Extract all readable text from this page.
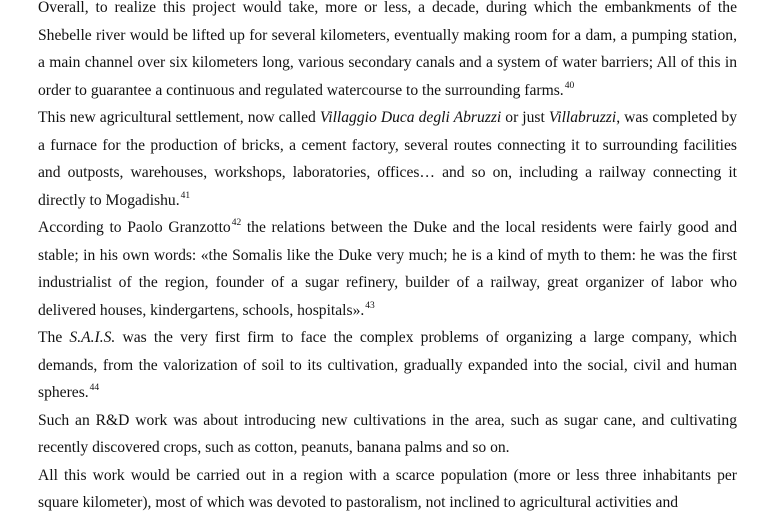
Overall, to realize this project would take, more or less, a decade, during which the embankments of the Shebelle river would be lifted up for several kilometers, eventually making room for a dam, a pumping station, a main channel over six kilometers long, various secondary canals and a system of water barriers; All of this in order to guarantee a continuous and regulated watercourse to the surrounding farms.$^{40}$

This new agricultural settlement, now called Villaggio Duca degli Abruzzi or just Villabruzzi, was completed by a furnace for the production of bricks, a cement factory, several routes connecting it to surrounding facilities and outposts, warehouses, workshops, laboratories, offices… and so on, including a railway connecting it directly to Mogadishu.$^{41}$

According to Paolo Granzotto$^{42}$ the relations between the Duke and the local residents were fairly good and stable; in his own words: «the Somalis like the Duke very much; he is a kind of myth to them: he was the first industrialist of the region, founder of a sugar refinery, builder of a railway, great organizer of labor who delivered houses, kindergartens, schools, hospitals».$^{43}$

The S.A.I.S. was the very first firm to face the complex problems of organizing a large company, which demands, from the valorization of soil to its cultivation, gradually expanded into the social, civil and human spheres.$^{44}$

Such an R&D work was about introducing new cultivations in the area, such as sugar cane, and cultivating recently discovered crops, such as cotton, peanuts, banana palms and so on.

All this work would be carried out in a region with a scarce population (more or less three inhabitants per square kilometer), most of which was devoted to pastoralism, not inclined to agricultural activities and
